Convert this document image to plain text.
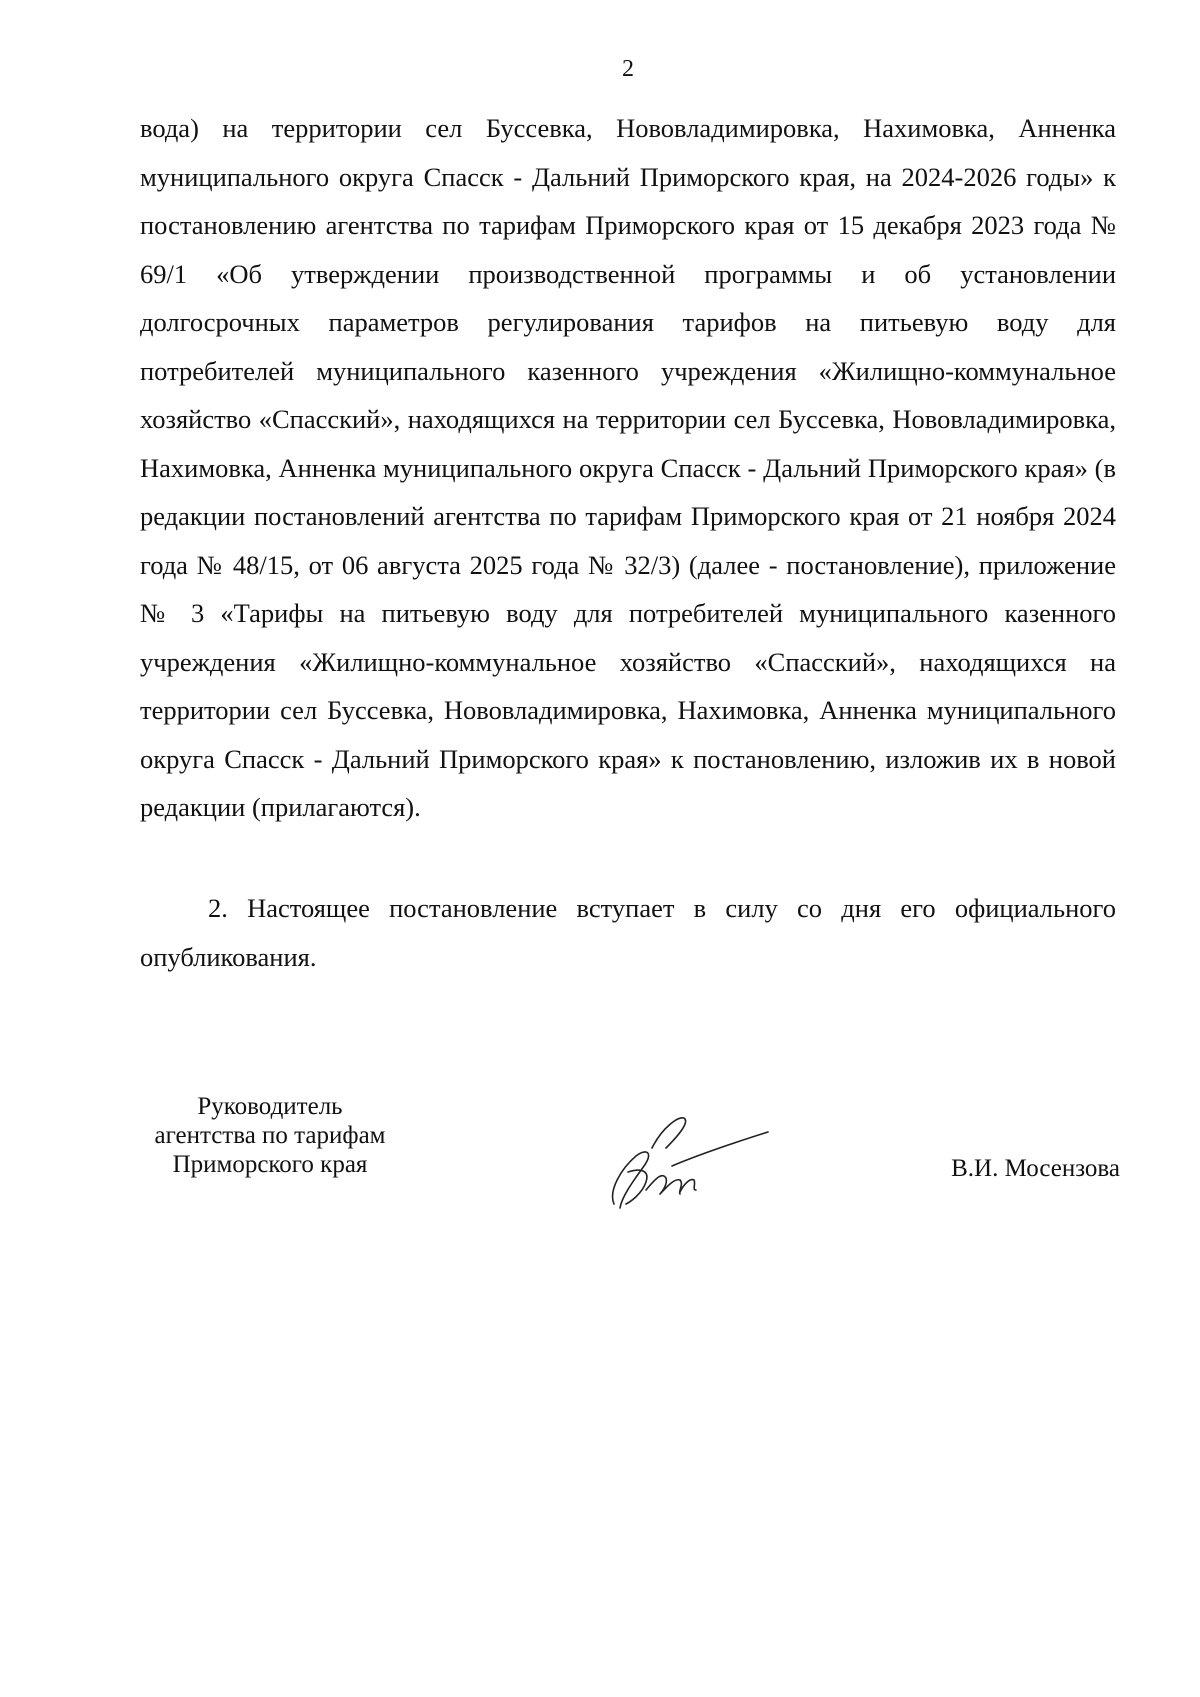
2

вода) на территории сел Буссевка, Нововладимировка, Нахимовка, Анненка муниципального округа Спасск - Дальний Приморского края, на 2024-2026 годы» к постановлению агентства по тарифам Приморского края от 15 декабря 2023 года № 69/1 «Об утверждении производственной программы и об установлении долгосрочных параметров регулирования тарифов на питьевую воду для потребителей муниципального казенного учреждения «Жилищно-коммунальное хозяйство «Спасский», находящихся на территории сел Буссевка, Нововладимировка, Нахимовка, Анненка муниципального округа Спасск - Дальний Приморского края» (в редакции постановлений агентства по тарифам Приморского края от 21 ноября 2024 года № 48/15, от 06 августа 2025 года № 32/3) (далее - постановление), приложение № 3 «Тарифы на питьевую воду для потребителей муниципального казенного учреждения «Жилищно-коммунальное хозяйство «Спасский», находящихся на территории сел Буссевка, Нововладимировка, Нахимовка, Анненка муниципального округа Спасск - Дальний Приморского края» к постановлению, изложив их в новой редакции (прилагаются).

2. Настоящее постановление вступает в силу со дня его официального опубликования.

Руководитель
агентства по тарифам
Приморского края	В.И. Мосензова
